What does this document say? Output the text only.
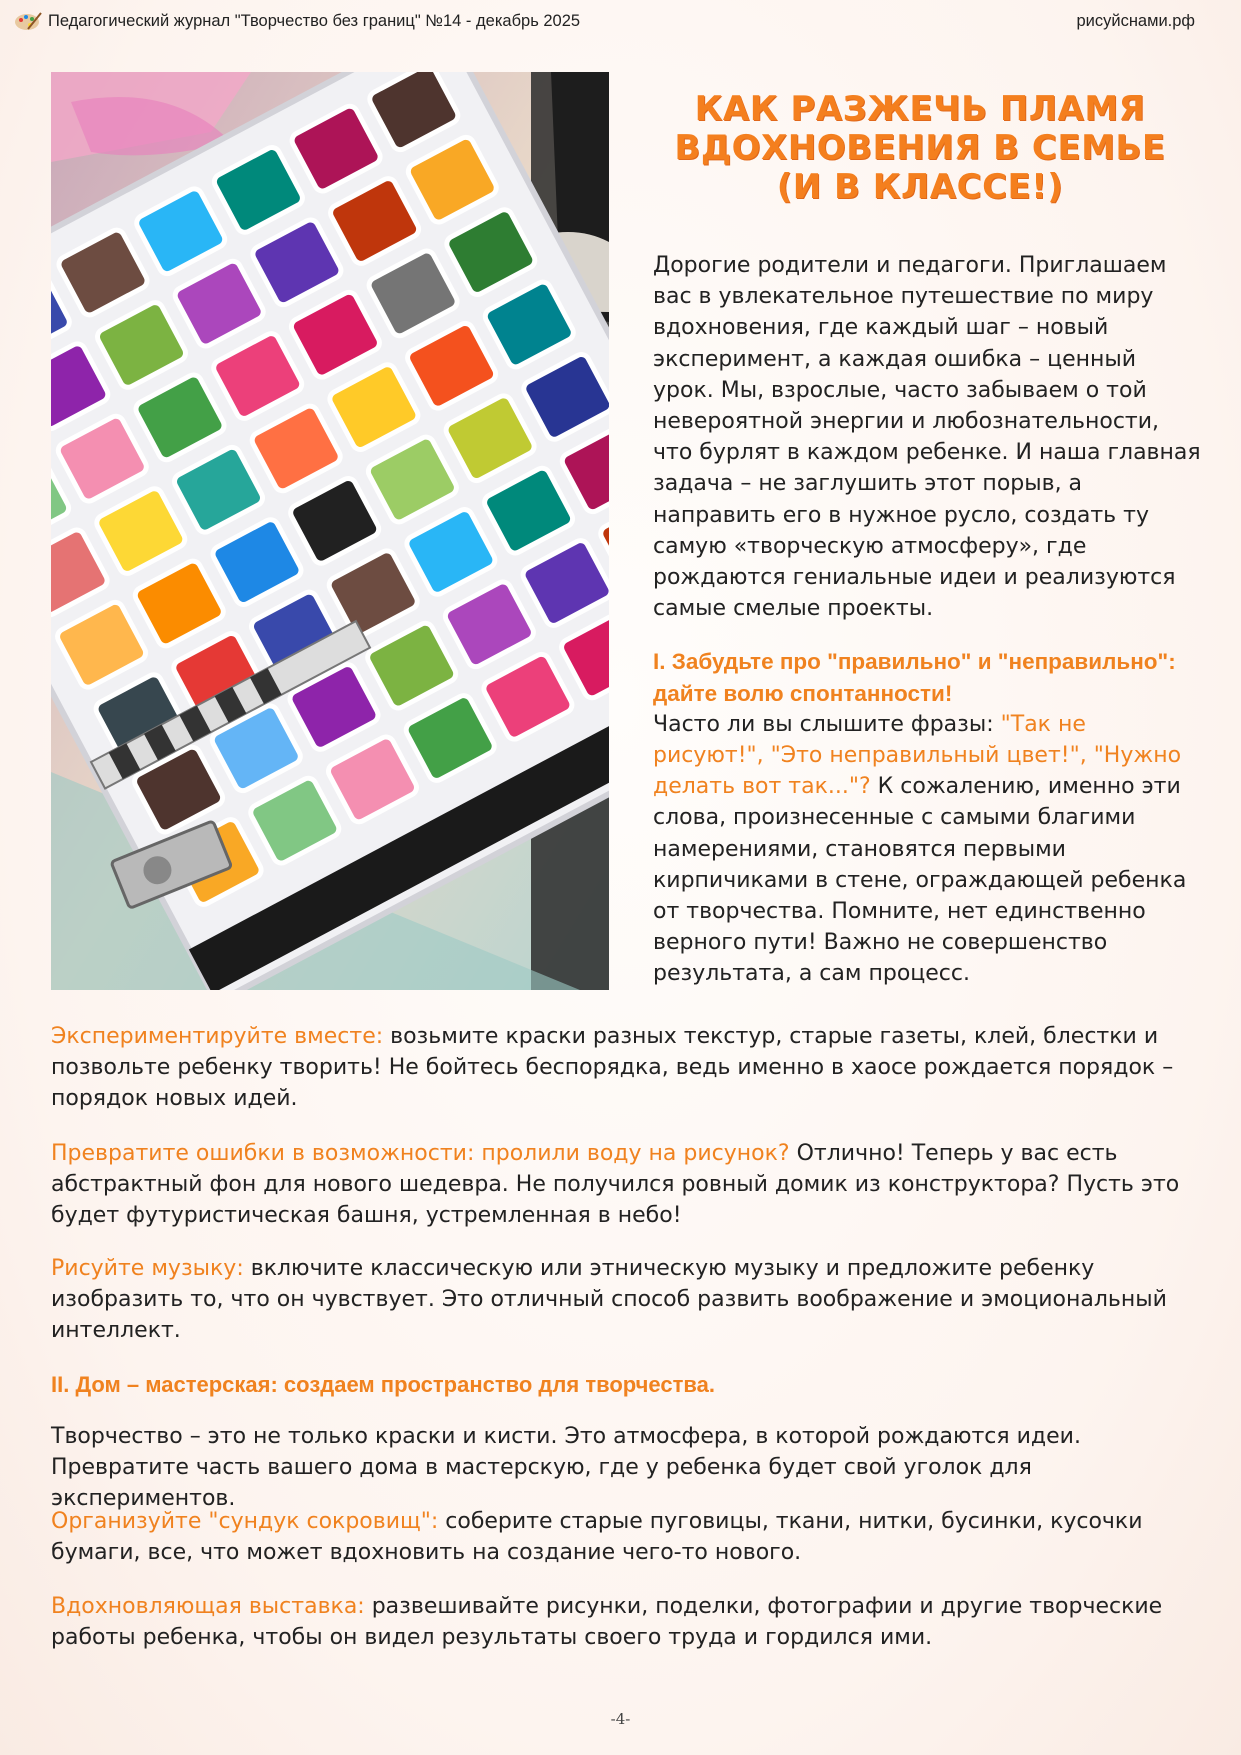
Педагогический журнал "Творчество без границ" №14 - декабрь 2025	рисуйснами.рф
КАК РАЗЖЕЧЬ ПЛАМЯ
ВДОХНОВЕНИЯ В СЕМЬЕ
(И В КЛАССЕ!)

Дорогие родители и педагоги. Приглашаем вас в увлекательное путешествие по миру вдохновения, где каждый шаг – новый эксперимент, а каждая ошибка – ценный урок. Мы, взрослые, часто забываем о той невероятной энергии и любознательности, что бурлят в каждом ребенке. И наша главная задача – не заглушить этот порыв, а направить его в нужное русло, создать ту самую «творческую атмосферу», где рождаются гениальные идеи и реализуются самые смелые проекты.

I. Забудьте про "правильно" и "неправильно": дайте волю спонтанности!

Часто ли вы слышите фразы: "Так не рисуют!", "Это неправильный цвет!", "Нужно делать вот так..."? К сожалению, именно эти слова, произнесенные с самыми благими намерениями, становятся первыми кирпичиками в стене, ограждающей ребенка от творчества. Помните, нет единственно верного пути! Важно не совершенство результата, а сам процесс.

Экспериментируйте вместе: возьмите краски разных текстур, старые газеты, клей, блестки и позвольте ребенку творить! Не бойтесь беспорядка, ведь именно в хаосе рождается порядок – порядок новых идей.

Превратите ошибки в возможности: пролили воду на рисунок? Отлично! Теперь у вас есть абстрактный фон для нового шедевра. Не получился ровный домик из конструктора? Пусть это будет футуристическая башня, устремленная в небо!

Рисуйте музыку: включите классическую или этническую музыку и предложите ребенку изобразить то, что он чувствует. Это отличный способ развить воображение и эмоциональный интеллект.

II. Дом – мастерская: создаем пространство для творчества.

Творчество – это не только краски и кисти. Это атмосфера, в которой рождаются идеи. Превратите часть вашего дома в мастерскую, где у ребенка будет свой уголок для экспериментов.

Организуйте "сундук сокровищ": соберите старые пуговицы, ткани, нитки, бусинки, кусочки бумаги, все, что может вдохновить на создание чего-то нового.

Вдохновляющая выставка: развешивайте рисунки, поделки, фотографии и другие творческие работы ребенка, чтобы он видел результаты своего труда и гордился ими.

-4-
